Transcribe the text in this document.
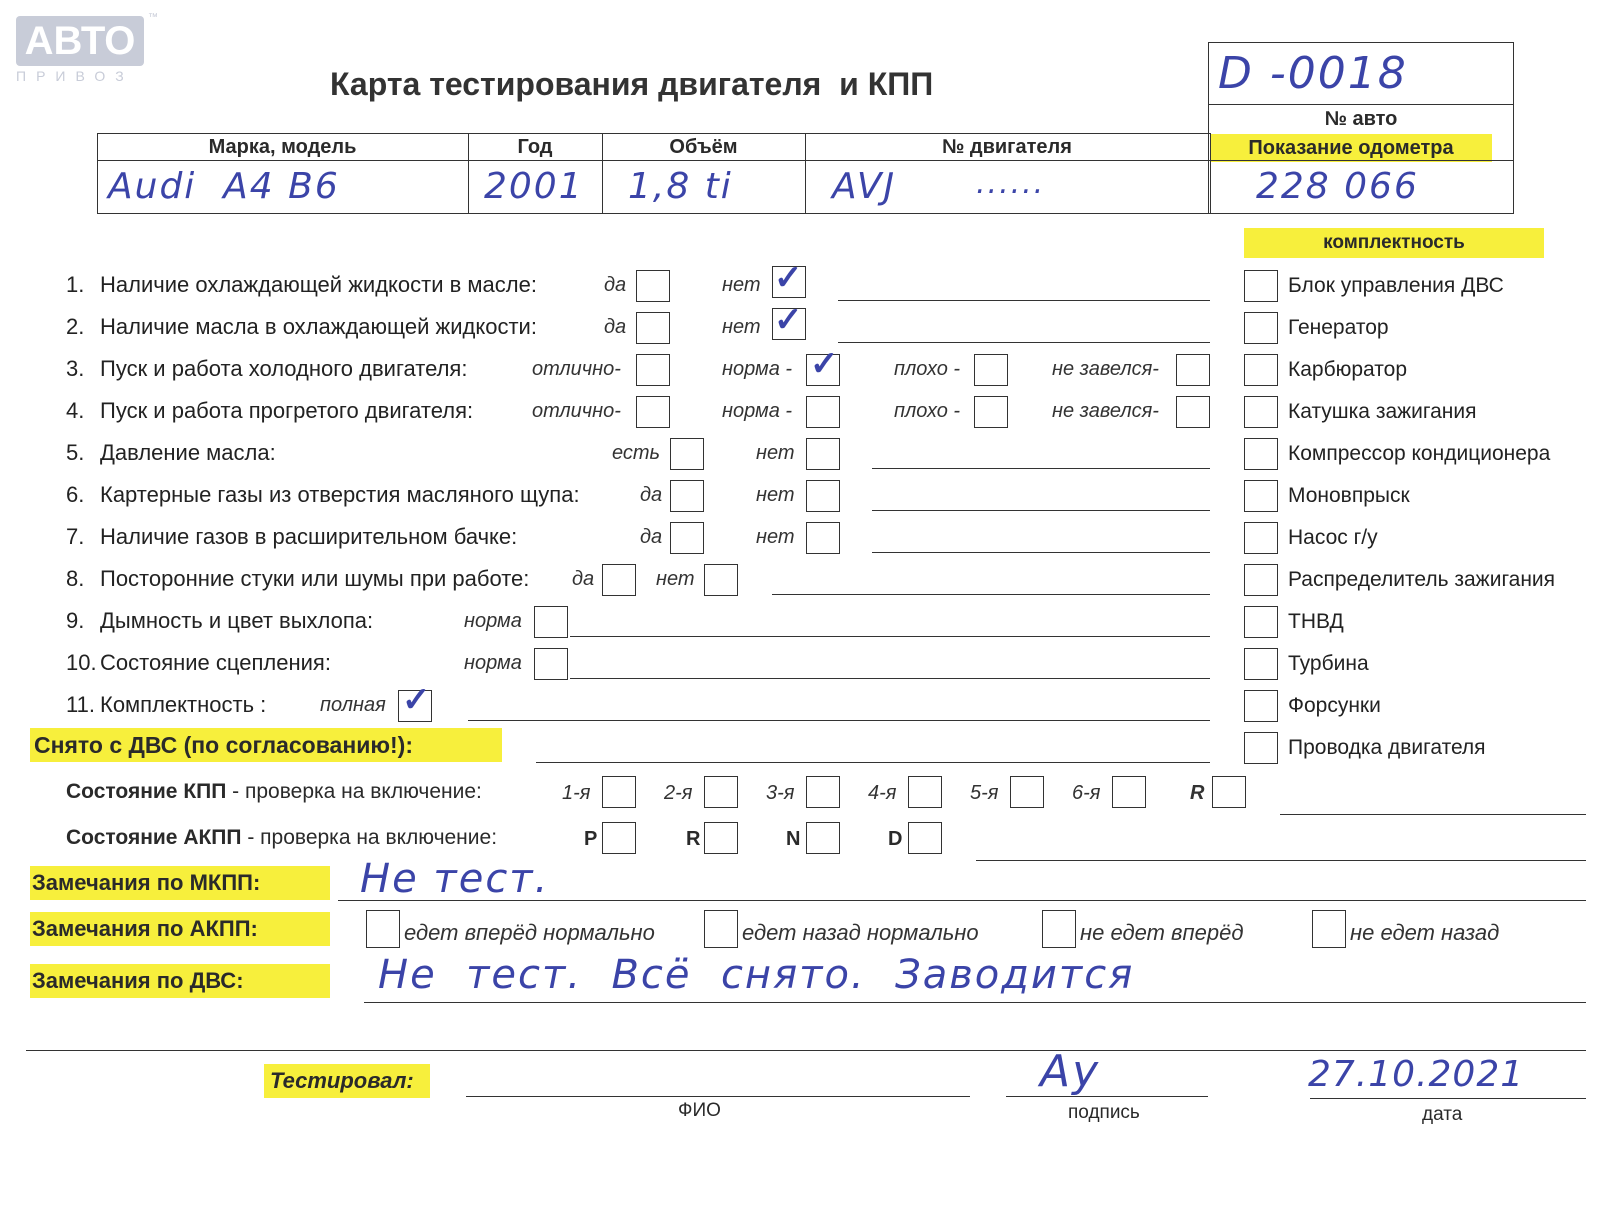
АВТО
ПРИВОЗ
™
Карта тестирования двигателя  и КПП	D -0018
№ авто
Показание одометра
Марка, модель	Год	Объём	№ двигателя
Audi  A4 B6	2001 1,8 ti	AVJ	......	228 066
комплектность
1. Наличие охлаждающей жидкости в масле:	да	нет ✓
2. Наличие масла в охлаждающей жидкости:	да	нет ✓
3. Пуск и работа холодного двигателя:	отлично-	норма - ✓	плохо -	не завелся-
4. Пуск и работа прогретого двигателя:	отлично-	норма -	плохо -	не завелся-
5. Давление масла:	есть	нет
6. Картерные газы из отверстия масляного щупа:	да	нет
7. Наличие газов в расширительном бачке:	да	нет
8. Посторонние стуки или шумы при работе: да	нет
9. Дымность и цвет выхлопа:	норма
10. Состояние сцепления:	норма
11. Комплектность :	полная ✓
Блок управления ДВС
Генератор
Карбюратор
Катушка зажигания
Компрессор кондиционера
Моновпрыск
Насос г/у
Распределитель зажигания
ТНВД
Турбина
Форсунки
Проводка двигателя
Снято с ДВС (по согласованию!):
Состояние КПП - проверка на включение:	1-я	2-я	3-я	4-я	5-я	6-я	R
Состояние АКПП - проверка на включение:	P	R	N	D
Замечания по МКПП:	Не тест.
Замечания по АКПП:	едет вперёд нормально	едет назад нормально	не едет вперёд	не едет назад
Замечания по ДВС:	Не  тест.  Всё  снято.  Заводится
Тестировал:
ФИО
Ау
подпись
27.10.2021
дата
